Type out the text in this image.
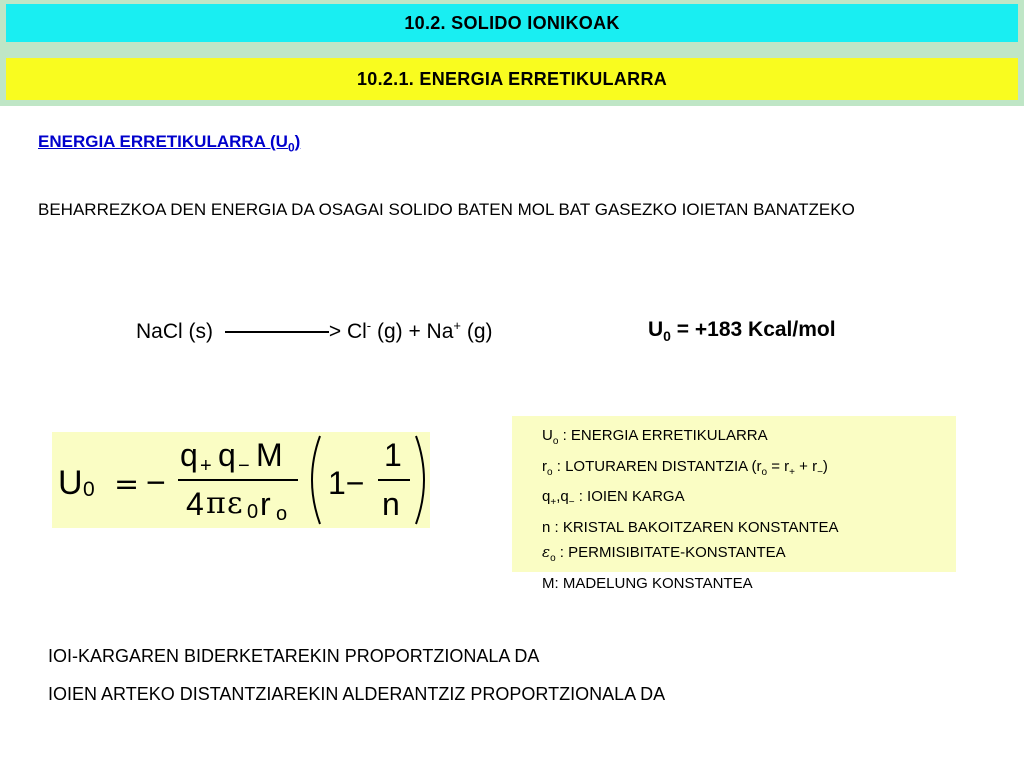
10.2. SOLIDO IONIKOAK
10.2.1. ENERGIA ERRETIKULARRA
ENERGIA ERRETIKULARRA $(U_0)$
BEHARREZKOA DEN ENERGIA DA OSAGAI SOLIDO BATEN MOL BAT GASEZKO IOIETAN BANATZEKO
NaCl (s)	> Cl- (g) + Na+ (g)	$U_0 = +183$ Kcal/mol
U 0 = −
q + q − M
4 π ε 0 r o
1−
1
n
$U_o$ : ENERGIA ERRETIKULARRA
$r_o$ : LOTURAREN DISTANTZIA $(r_o = r_+ + r_-)$
$q_+,q_-$ : IOIEN KARGA
n : KRISTAL BAKOITZAREN KONSTANTEA
$\varepsilon_o$ : PERMISIBITATE-KONSTANTEA
M: MADELUNG KONSTANTEA
IOI-KARGAREN BIDERKETAREKIN PROPORTZIONALA DA
IOIEN ARTEKO DISTANTZIAREKIN ALDERANTZIZ PROPORTZIONALA DA
